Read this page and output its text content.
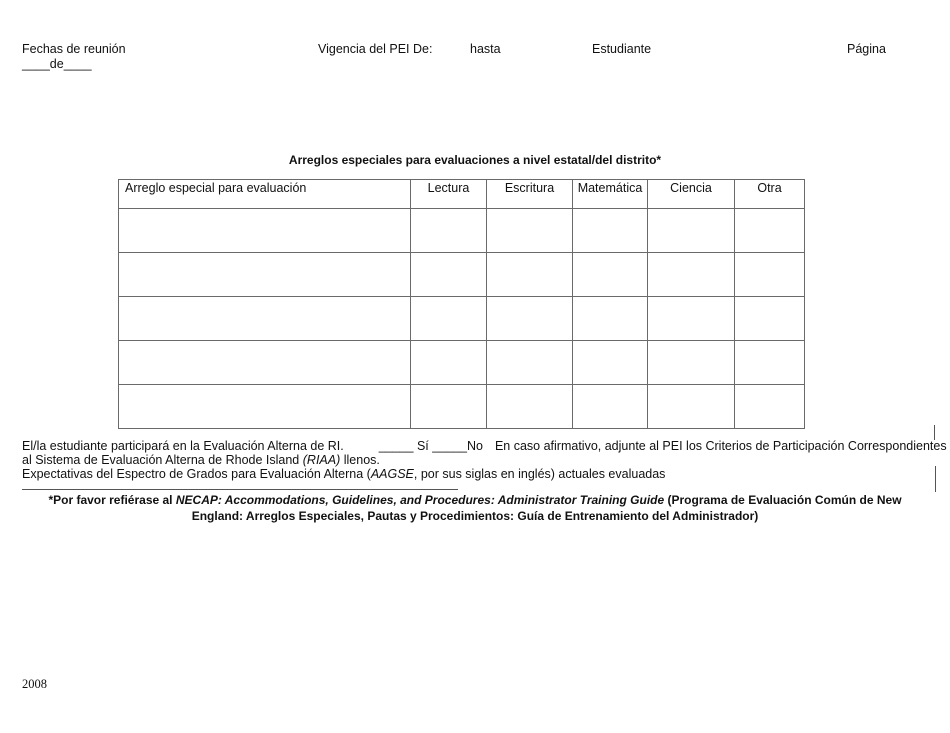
Fechas de reunión
____de____
Vigencia del PEI De:	hasta	Estudiante	Página
Arreglos especiales para evaluaciones a nivel estatal/del distrito*
Arreglo especial para evaluación	Lectura	Escritura	Matemática	Ciencia	Otra

El/la estudiante participará en la Evaluación Alterna de RI.	_____ Sí _____No En caso afirmativo, adjunte al PEI los Criterios de Participación Correspondientes
al Sistema de Evaluación Alterna de Rhode Island (RIAA) llenos.
Expectativas del Espectro de Grados para Evaluación Alterna (AAGSE, por sus siglas en inglés) actuales evaluadas
*Por favor refiérase al NECAP: Accommodations, Guidelines, and Procedures: Administrator Training Guide (Programa de Evaluación Común de New
England: Arreglos Especiales, Pautas y Procedimientos: Guía de Entrenamiento del Administrador)
2008
